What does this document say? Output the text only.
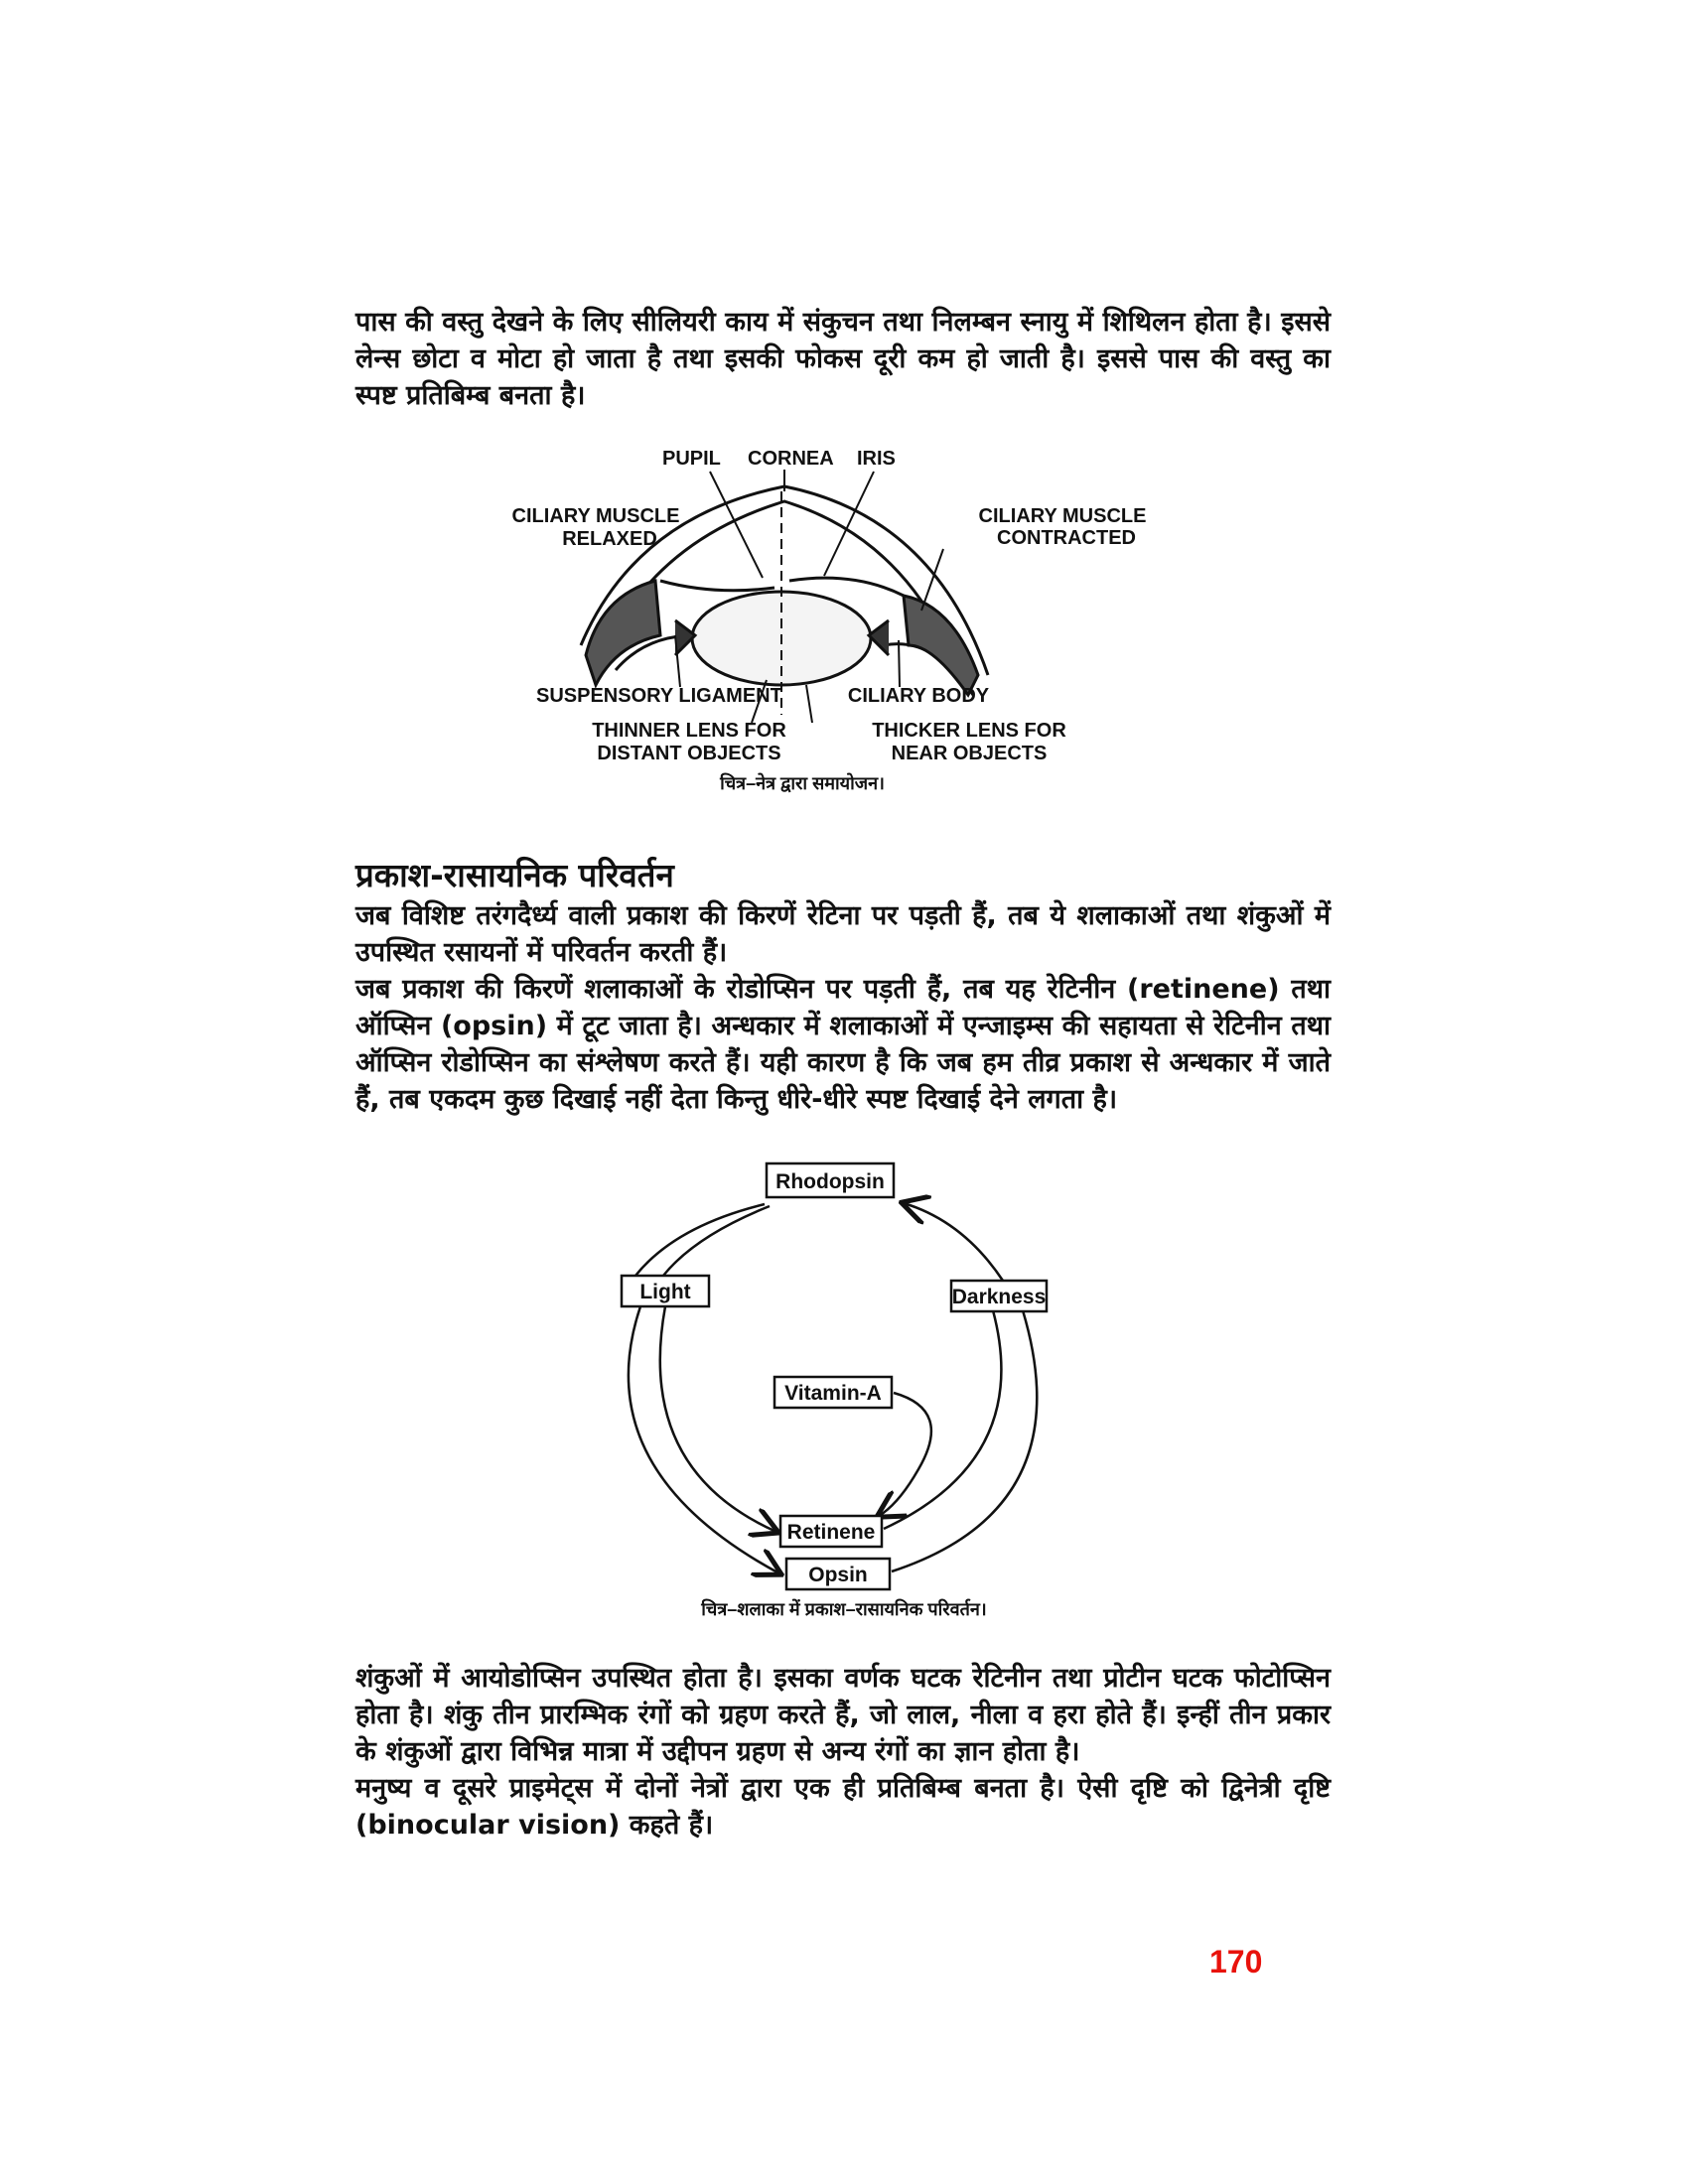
पास की वस्तु देखने के लिए सीलियरी काय में संकुचन तथा निलम्बन स्नायु में शिथिलन होता है। इससे लेन्स छोटा व मोटा हो जाता है तथा इसकी फोकस दूरी कम हो जाती है। इससे पास की वस्तु का स्पष्ट प्रतिबिम्ब बनता है।

PUPIL CORNEA IRIS
CILIARY MUSCLE
RELAXED
CILIARY MUSCLE
CONTRACTED
SUSPENSORY LIGAMENT	CILIARY BODY
THINNER LENS FOR
DISTANT OBJECTS
THICKER LENS FOR
NEAR OBJECTS
चित्र–नेत्र द्वारा समायोजन।
प्रकाश-रासायनिक परिवर्तन

जब विशिष्ट तरंगदैर्ध्य वाली प्रकाश की किरणें रेटिना पर पड़ती हैं, तब ये शलाकाओं तथा शंकुओं में उपस्थित रसायनों में परिवर्तन करती हैं।

जब प्रकाश की किरणें शलाकाओं के रोडोप्सिन पर पड़ती हैं, तब यह रेटिनीन (retinene) तथा ऑप्सिन (opsin) में टूट जाता है। अन्धकार में शलाकाओं में एन्जाइम्स की सहायता से रेटिनीन तथा ऑप्सिन रोडोप्सिन का संश्लेषण करते हैं। यही कारण है कि जब हम तीव्र प्रकाश से अन्धकार में जाते हैं, तब एकदम कुछ दिखाई नहीं देता किन्तु धीरे-धीरे स्पष्ट दिखाई देने लगता है।

Rhodopsin
Light	Darkness
Vitamin-A
Retinene
Opsin
चित्र–शलाका में प्रकाश–रासायनिक परिवर्तन।

शंकुओं में आयोडोप्सिन उपस्थित होता है। इसका वर्णक घटक रेटिनीन तथा प्रोटीन घटक फोटोप्सिन होता है। शंकु तीन प्रारम्भिक रंगों को ग्रहण करते हैं, जो लाल, नीला व हरा होते हैं। इन्हीं तीन प्रकार के शंकुओं द्वारा विभिन्न मात्रा में उद्दीपन ग्रहण से अन्य रंगों का ज्ञान होता है।

मनुष्य व दूसरे प्राइमेट्स में दोनों नेत्रों द्वारा एक ही प्रतिबिम्ब बनता है। ऐसी दृष्टि को द्विनेत्री दृष्टि (binocular vision) कहते हैं।

170
